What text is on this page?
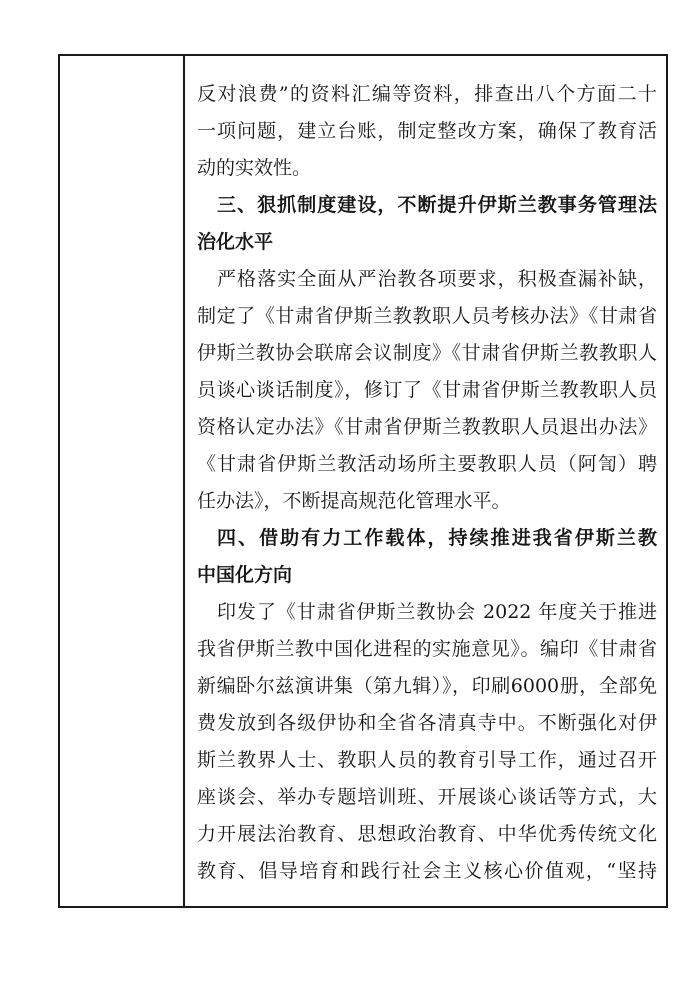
反对浪费”的资料汇编等资料，排查出八个方面二十
一项问题，建立台账，制定整改方案，确保了教育活
动的实效性。
三、狠抓制度建设，不断提升伊斯兰教事务管理法
治化水平
严格落实全面从严治教各项要求，积极查漏补缺，
制定了《甘肃省伊斯兰教教职人员考核办法》《甘肃省
伊斯兰教协会联席会议制度》《甘肃省伊斯兰教教职人
员谈心谈话制度》，修订了《甘肃省伊斯兰教教职人员
资格认定办法》《甘肃省伊斯兰教教职人员退出办法》
《甘肃省伊斯兰教活动场所主要教职人员（阿訇）聘
任办法》，不断提高规范化管理水平。
四、借助有力工作载体，持续推进我省伊斯兰教
中国化方向
印发了《甘肃省伊斯兰教协会 2022 年度关于推进
我省伊斯兰教中国化进程的实施意见》。编印《甘肃省
新编卧尔兹演讲集（第九辑）》，印刷6000册，全部免
费发放到各级伊协和全省各清真寺中。不断强化对伊
斯兰教界人士、教职人员的教育引导工作，通过召开
座谈会、举办专题培训班、开展谈心谈话等方式，大
力开展法治教育、思想政治教育、中华优秀传统文化
教育、倡导培育和践行社会主义核心价值观，“坚持
